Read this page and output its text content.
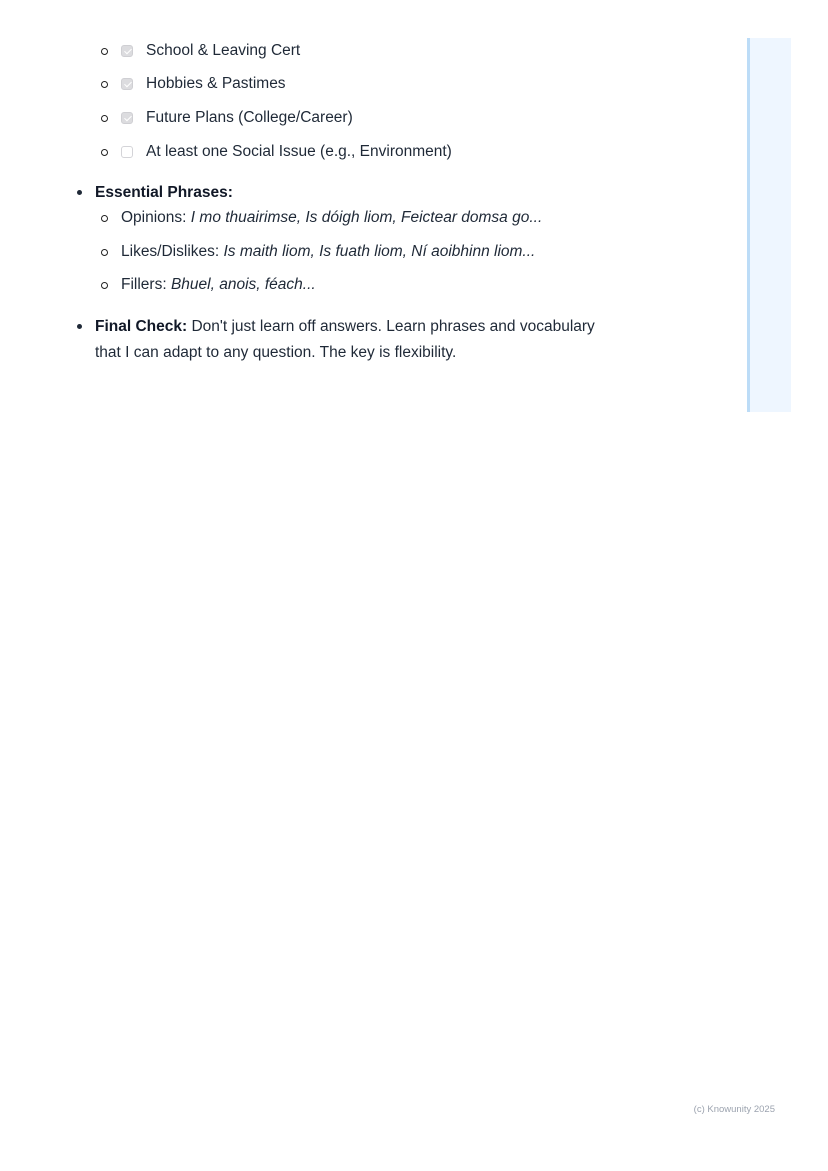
School & Leaving Cert
Hobbies & Pastimes
Future Plans (College/Career)
At least one Social Issue (e.g., Environment)
Essential Phrases:
Opinions: I mo thuairimse, Is dóigh liom, Feictear domsa go...
Likes/Dislikes: Is maith liom, Is fuath liom, Ní aoibhinn liom...
Fillers: Bhuel, anois, féach...
Final Check: Don't just learn off answers. Learn phrases and vocabulary
that I can adapt to any question. The key is flexibility.
(c) Knowunity 2025
